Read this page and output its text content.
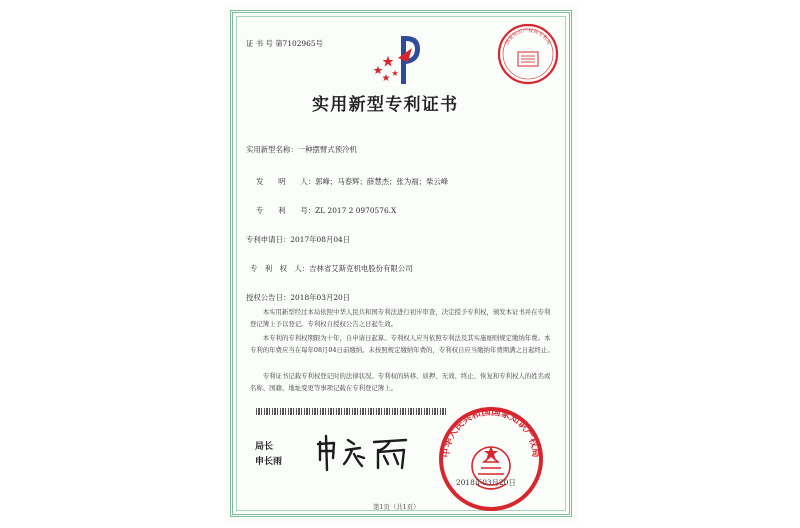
证 书 号 第7102965号
实用新型专利证书
实用新型名称：一种摆臂式预冷机
发　　明　　人：郭峰；马春辉；薛慧杰；张为福；柴云峰
专　　利　　号：ZL 2017 2 0970576.X
专利申请日：2017年08月04日
专　利　权　人：吉林省艾斯克机电股份有限公司
授权公告日：2018年03月20日
　　本实用新型经过本局依照中华人民共和国专利法进行初步审查，决定授予专利权，颁发本证书并在专利登记簿上予以登记。专利权自授权公告之日起生效。
　　本专利的专利权期限为十年，自申请日起算。专利权人应当依照专利法及其实施细则规定缴纳年费。本专利的年费应当在每年08月04日前缴纳。未按照规定缴纳年费的，专利权自应当缴纳年费期满之日起终止。
　　专利证书记载专利权登记时的法律状况。专利权的转移、质押、无效、终止、恢复和专利权人的姓名或名称、国籍、地址变更等事项记载在专利登记簿上。
局长
申长雨
国家知识产权局专利局
中华人民共和国国家知识产权局
2018年03月20日
第1页（共1页）
